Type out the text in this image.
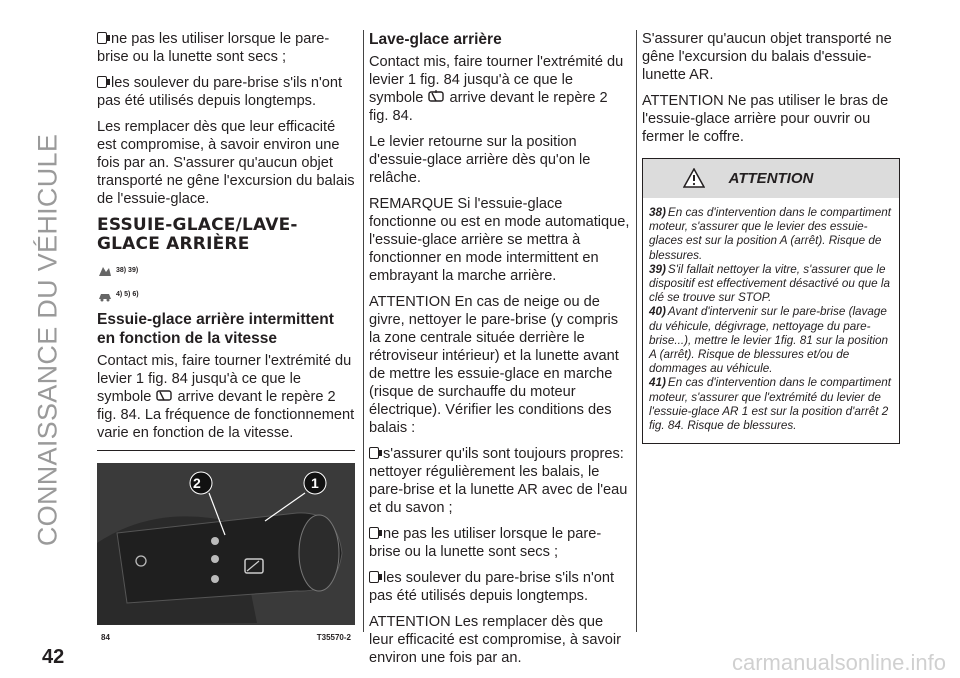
CONNAISSANCE DU VÉHICULE
42	carmanualsonline.info

ne pas les utiliser lorsque le pare-brise ou la lunette sont secs ;

les soulever du pare-brise s'ils n'ont pas été utilisés depuis longtemps.

Les remplacer dès que leur efficacité est compromise, à savoir environ une fois par an. S'assurer qu'aucun objet transporté ne gêne l'excursion du balais de l'essuie-glace.

ESSUIE-GLACE/LAVE-GLACE ARRIÈRE
38) 39)
4) 5) 6)
Essuie-glace arrière intermittent en fonction de la vitesse

Contact mis, faire tourner l'extrémité du levier 1 fig. 84 jusqu'à ce que le symbole arrive devant le repère 2 fig. 84. La fréquence de fonctionnement varie en fonction de la vitesse.

2	1
84	T35570-2
Lave-glace arrière

Contact mis, faire tourner l'extrémité du levier 1 fig. 84 jusqu'à ce que le symbole arrive devant le repère 2 fig. 84.

Le levier retourne sur la position d'essuie-glace arrière dès qu'on le relâche.

REMARQUE Si l'essuie-glace fonctionne ou est en mode automatique, l'essuie-glace arrière se mettra à fonctionner en mode intermittent en embrayant la marche arrière.

ATTENTION En cas de neige ou de givre, nettoyer le pare-brise (y compris la zone centrale située derrière le rétroviseur intérieur) et la lunette avant de mettre les essuie-glace en marche (risque de surchauffe du moteur électrique). Vérifier les conditions des balais :

s'assurer qu'ils sont toujours propres: nettoyer régulièrement les balais, le pare-brise et la lunette AR avec de l'eau et du savon ;

ne pas les utiliser lorsque le pare-brise ou la lunette sont secs ;

les soulever du pare-brise s'ils n'ont pas été utilisés depuis longtemps.

ATTENTION Les remplacer dès que leur efficacité est compromise, à savoir environ une fois par an.

S'assurer qu'aucun objet transporté ne gêne l'excursion du balais d'essuie-lunette AR.

ATTENTION Ne pas utiliser le bras de l'essuie-glace arrière pour ouvrir ou fermer le coffre.

ATTENTION

38) En cas d'intervention dans le compartiment moteur, s'assurer que le levier des essuie-glaces est sur la position A (arrêt). Risque de blessures.

39) S'il fallait nettoyer la vitre, s'assurer que le dispositif est effectivement désactivé ou que la clé se trouve sur STOP.

40) Avant d'intervenir sur le pare-brise (lavage du véhicule, dégivrage, nettoyage du pare-brise...), mettre le levier 1fig. 81 sur la position A (arrêt). Risque de blessures et/ou de dommages au véhicule.

41) En cas d'intervention dans le compartiment moteur, s'assurer que l'extrémité du levier de l'essuie-glace AR 1 est sur la position d'arrêt 2 fig. 84. Risque de blessures.
